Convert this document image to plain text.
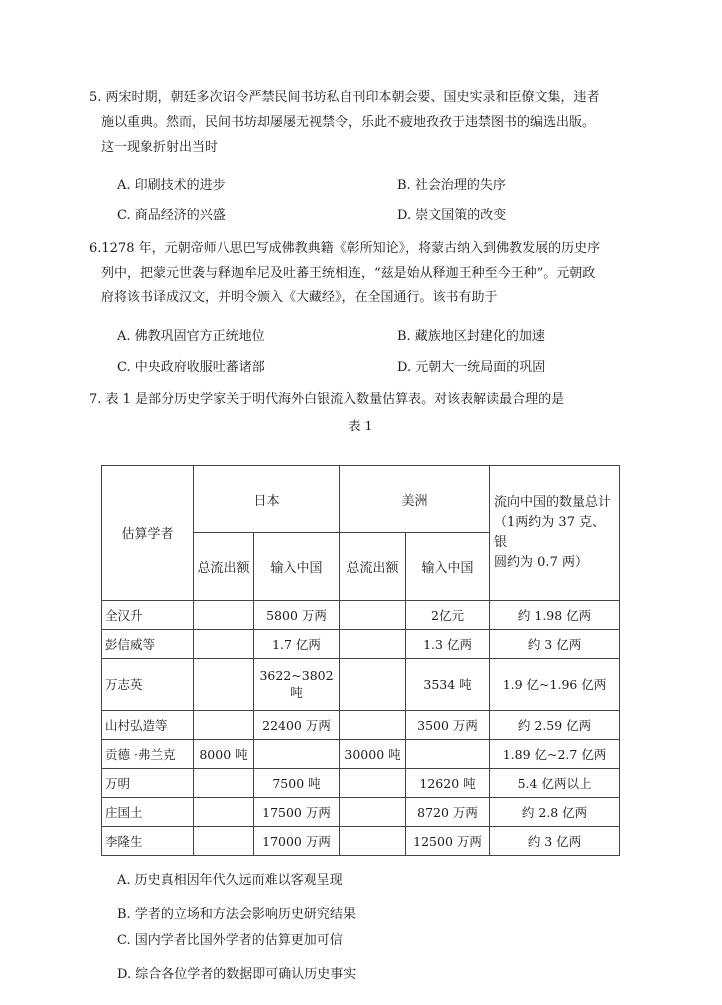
5. 两宋时期，朝廷多次诏令严禁民间书坊私自刊印本朝会要、国史实录和臣僚文集，违者
施以重典。然而，民间书坊却屡屡无视禁令，乐此不疲地孜孜于违禁图书的编选出版。
这一现象折射出当时
A. 印刷技术的进步	B. 社会治理的失序
C. 商品经济的兴盛	D. 崇文国策的改变
6.1278 年，元朝帝师八思巴写成佛教典籍《彰所知论》，将蒙古纳入到佛教发展的历史序
列中，把蒙元世袭与释迦牟尼及吐蕃王统相连，“兹是始从释迦王种至今王种”。元朝政
府将该书译成汉文，并明令颁入《大藏经》，在全国通行。该书有助于
A. 佛教巩固官方正统地位	B. 藏族地区封建化的加速
C. 中央政府收服吐蕃诸部	D. 元朝大一统局面的巩固
7. 表 1 是部分历史学家关于明代海外白银流入数量估算表。对该表解读最合理的是
表 1
估算学者	日本		美洲		流向中国的数量总计
（1两约为 37 克、银
圆约为 0.7 两）

	总流出额	输入中国	总流出额	输入中国	
全汉升		5800 万两		2亿元	约 1.98 亿两
彭信威等		1.7 亿两		1.3 亿两	约 3 亿两
万志英		3622~3802 吨		3534 吨	1.9 亿~1.96 亿两
山村弘造等		22400 万两		3500 万两	约 2.59 亿两
贡德 ·弗兰克	8000 吨		30000 吨		1.89 亿~2.7 亿两
万明		7500 吨		12620 吨	5.4 亿两以上
庄国土		17500 万两		8720 万两	约 2.8 亿两
李隆生		17000 万两		12500 万两	约 3 亿两
A. 历史真相因年代久远而难以客观呈现
B. 学者的立场和方法会影响历史研究结果
C. 国内学者比国外学者的估算更加可信
D. 综合各位学者的数据即可确认历史事实
